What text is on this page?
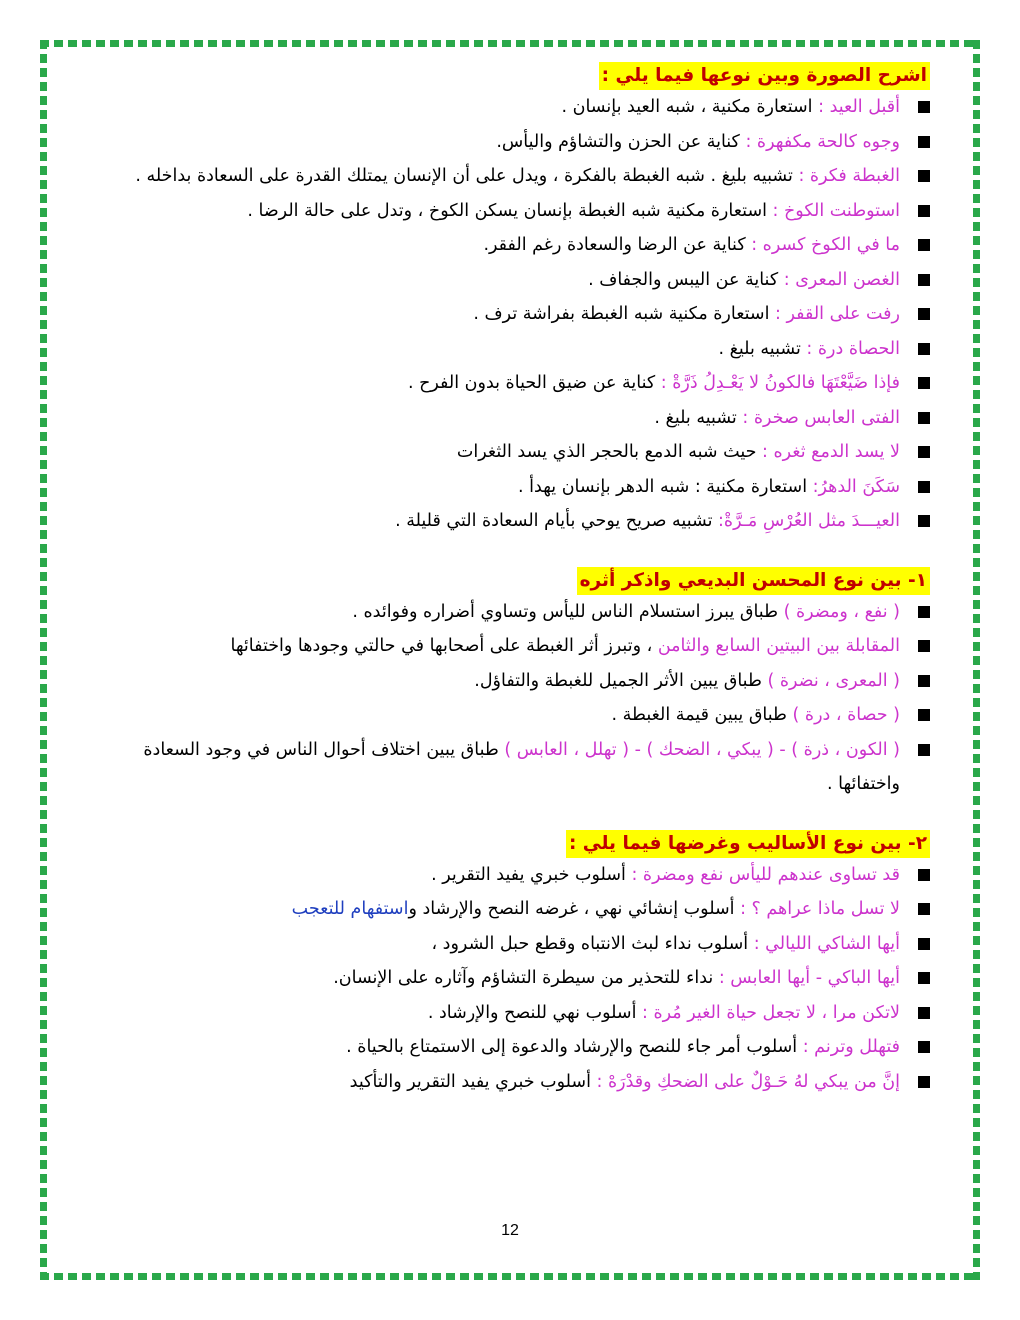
اشرح الصورة وبين نوعها فيما يلي :
أقبل العيد : استعارة مكنية ، شبه العيد بإنسان .
وجوه كالحة مكفهرة : كناية عن الحزن والتشاؤم واليأس.
الغبطة فكرة : تشبيه بليغ . شبه الغبطة بالفكرة ، ويدل على أن الإنسان يمتلك القدرة على السعادة بداخله .
استوطنت الكوخ : استعارة مكنية شبه الغبطة بإنسان يسكن الكوخ ، وتدل على حالة الرضا .
ما في الكوخ كسره : كناية عن الرضا والسعادة رغم الفقر.
الغصن المعرى : كناية عن اليبس والجفاف .
رفت على القفر : استعارة مكنية شبه الغبطة بفراشة ترف .
الحصاة درة : تشبيه بليغ .
فإذا ضَيَّعْتَهَا فالكونُ لا يَعْـدِلُ ذَرَّةْ : كناية عن ضيق الحياة بدون الفرح .
الفتى العابس صخرة : تشبيه بليغ .
لا يسد الدمع ثغره : حيث شبه الدمع بالحجر الذي يسد الثغرات
سَكَنَ الدهرُ: استعارة مكنية : شبه الدهر بإنسان يهدأ .
العيـــدَ مثل العُرْسِ مَـرَّةْ: تشبيه صريح يوحي بأيام السعادة التي قليلة .
١- بين نوع المحسن البديعي واذكر أثره
( نفع ، ومضرة ) طباق يبرز استسلام الناس لليأس وتساوي أضراره وفوائده .
المقابلة بين البيتين السابع والثامن ، وتبرز أثر الغبطة على أصحابها في حالتي وجودها واختفائها
( المعرى ، نضرة ) طباق يبين الأثر الجميل للغبطة والتفاؤل.
( حصاة ، درة ) طباق يبين قيمة الغبطة .
( الكون ، ذرة ) - ( يبكي ، الضحك ) - ( تهلل ، العابس ) طباق يبين اختلاف أحوال الناس في وجود السعادة واختفائها .
٢- بين نوع الأساليب وغرضها فيما يلي :
قد تساوى عندهم لليأس نفع ومضرة : أسلوب خبري يفيد التقرير .
لا تسل ماذا عراهم ؟ : أسلوب إنشائي نهي ، غرضه النصح والإرشاد واستفهام للتعجب
أيها الشاكي الليالي : أسلوب نداء لبث الانتباه وقطع حبل الشرود ،
أيها الباكي - أيها العابس : نداء للتحذير من سيطرة التشاؤم وآثاره على الإنسان.
لاتكن مرا ، لا تجعل حياة الغير مُرة : أسلوب نهي للنصح والإرشاد .
فتهلل وترنم : أسلوب أمر جاء للنصح والإرشاد والدعوة إلى الاستمتاع بالحياة .
إنَّ من يبكي لهُ حَـوْلٌ على الضحكِ وقدْرَهْ : أسلوب خبري يفيد التقرير والتأكيد
12
